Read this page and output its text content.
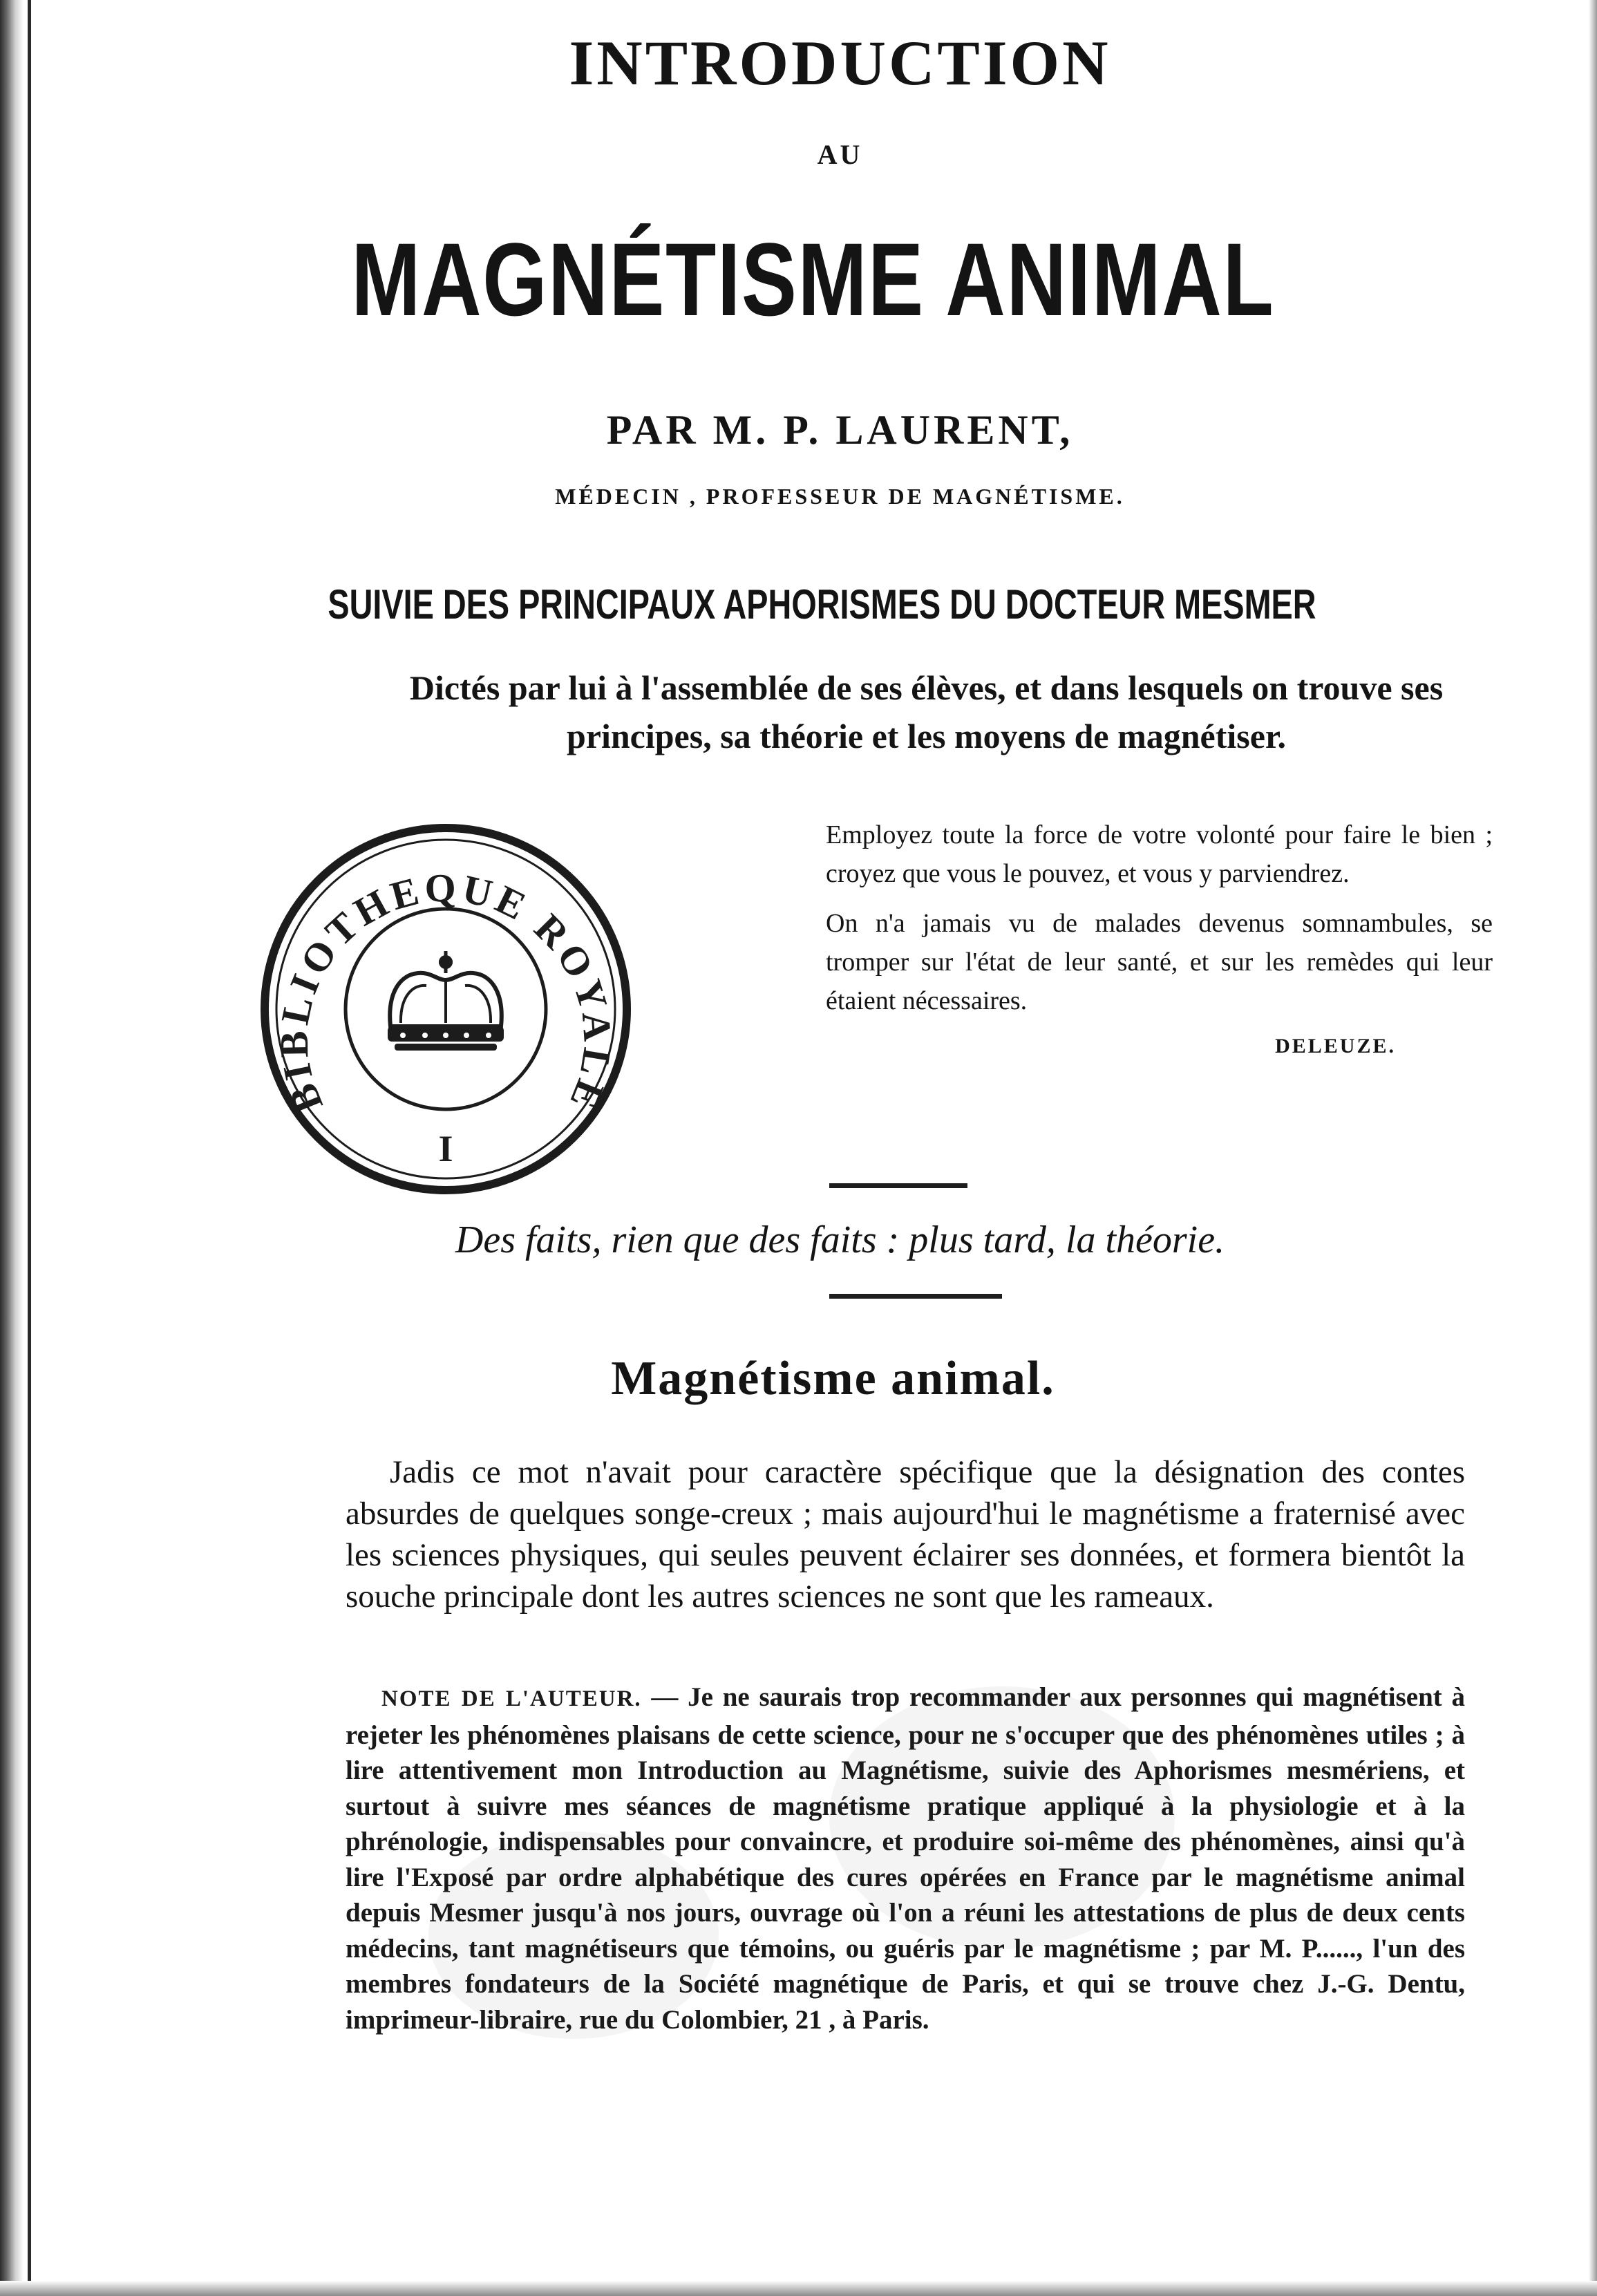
INTRODUCTION
AU
MAGNÉTISME ANIMAL
PAR M. P. LAURENT,
MÉDECIN , PROFESSEUR DE MAGNÉTISME.
SUIVIE DES PRINCIPAUX APHORISMES DU DOCTEUR MESMER
Dictés par lui à l'assemblée de ses élèves, et dans lesquels on trouve ses principes, sa théorie et les moyens de magnétiser.
BIBLIOTHEQUE ROYALE
I

Employez toute la force de votre volonté pour faire le bien ; croyez que vous le pouvez, et vous y parviendrez.

On n'a jamais vu de malades devenus somnambules, se tromper sur l'état de leur santé, et sur les remèdes qui leur étaient nécessaires.

DELEUZE.

Des faits, rien que des faits : plus tard, la théorie.
Magnétisme animal.

Jadis ce mot n'avait pour caractère spécifique que la désignation des contes absurdes de quelques songe-creux ; mais aujourd'hui le magnétisme a fraternisé avec les sciences physiques, qui seules peuvent éclairer ses données, et formera bientôt la souche principale dont les autres sciences ne sont que les rameaux.

NOTE DE L'AUTEUR. — Je ne saurais trop recommander aux personnes qui magnétisent à rejeter les phénomènes plaisans de cette science, pour ne s'occuper que des phénomènes utiles ; à lire attentivement mon Introduction au Magnétisme, suivie des Aphorismes mesmériens, et surtout à suivre mes séances de magnétisme pratique appliqué à la physiologie et à la phrénologie, indispensables pour convaincre, et produire soi-même des phénomènes, ainsi qu'à lire l'Exposé par ordre alphabétique des cures opérées en France par le magnétisme animal depuis Mesmer jusqu'à nos jours, ouvrage où l'on a réuni les attestations de plus de deux cents médecins, tant magnétiseurs que témoins, ou guéris par le magnétisme ; par M. P......, l'un des membres fondateurs de la Société magnétique de Paris, et qui se trouve chez J.-G. Dentu, imprimeur-libraire, rue du Colombier, 21 , à Paris.
